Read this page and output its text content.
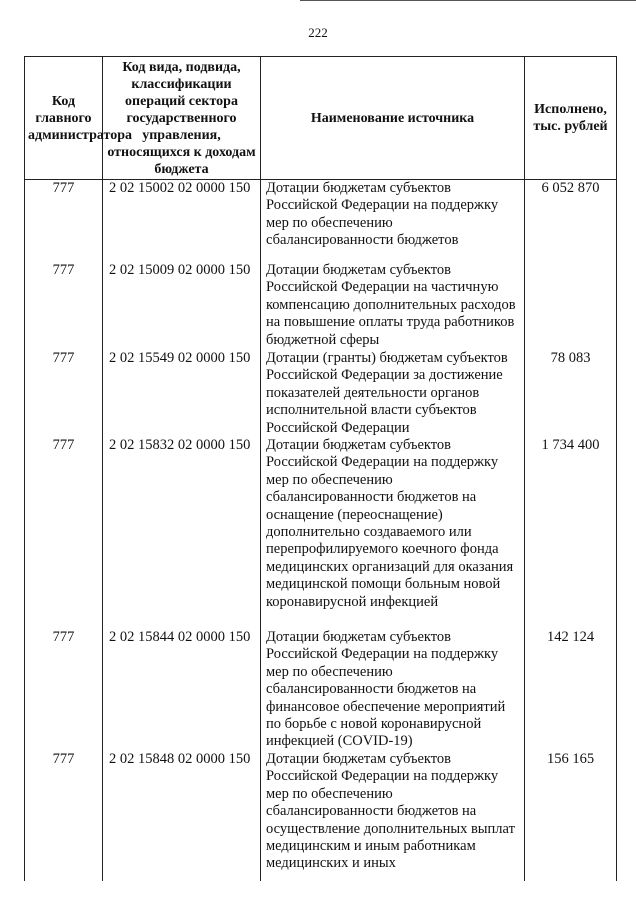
222
Код главного администратора	Код вида, подвида, классификации операций сектора государственного управления, относящихся к доходам бюджета	Наименование источника	Исполнено, тыс. рублей
777	2 02 15002 02 0000 150	Дотации бюджетам субъектов Российской Федерации на поддержку мер по обеспечению сбалансированности бюджетов	6 052 870
777	2 02 15009 02 0000 150	Дотации бюджетам субъектов Российской Федерации на частичную компенсацию дополнительных расходов на повышение оплаты труда работников бюджетной сферы	
777	2 02 15549 02 0000 150	Дотации (гранты) бюджетам субъектов Российской Федерации за достижение показателей деятельности органов исполнительной власти субъектов Российской Федерации	78 083
777	2 02 15832 02 0000 150	Дотации бюджетам субъектов Российской Федерации на поддержку мер по обеспечению сбалансированности бюджетов на оснащение (переоснащение) дополнительно создаваемого или перепрофилируемого коечного фонда медицинских организаций для оказания медицинской помощи больным новой коронавирусной инфекцией	1 734 400
777	2 02 15844 02 0000 150	Дотации бюджетам субъектов Российской Федерации на поддержку мер по обеспечению сбалансированности бюджетов на финансовое обеспечение мероприятий по борьбе с новой коронавирусной инфекцией (COVID-19)	142 124
777	2 02 15848 02 0000 150	Дотации бюджетам субъектов Российской Федерации на поддержку мер по обеспечению сбалансированности бюджетов на осуществление дополнительных выплат медицинским и иным работникам медицинских и иных	156 165
